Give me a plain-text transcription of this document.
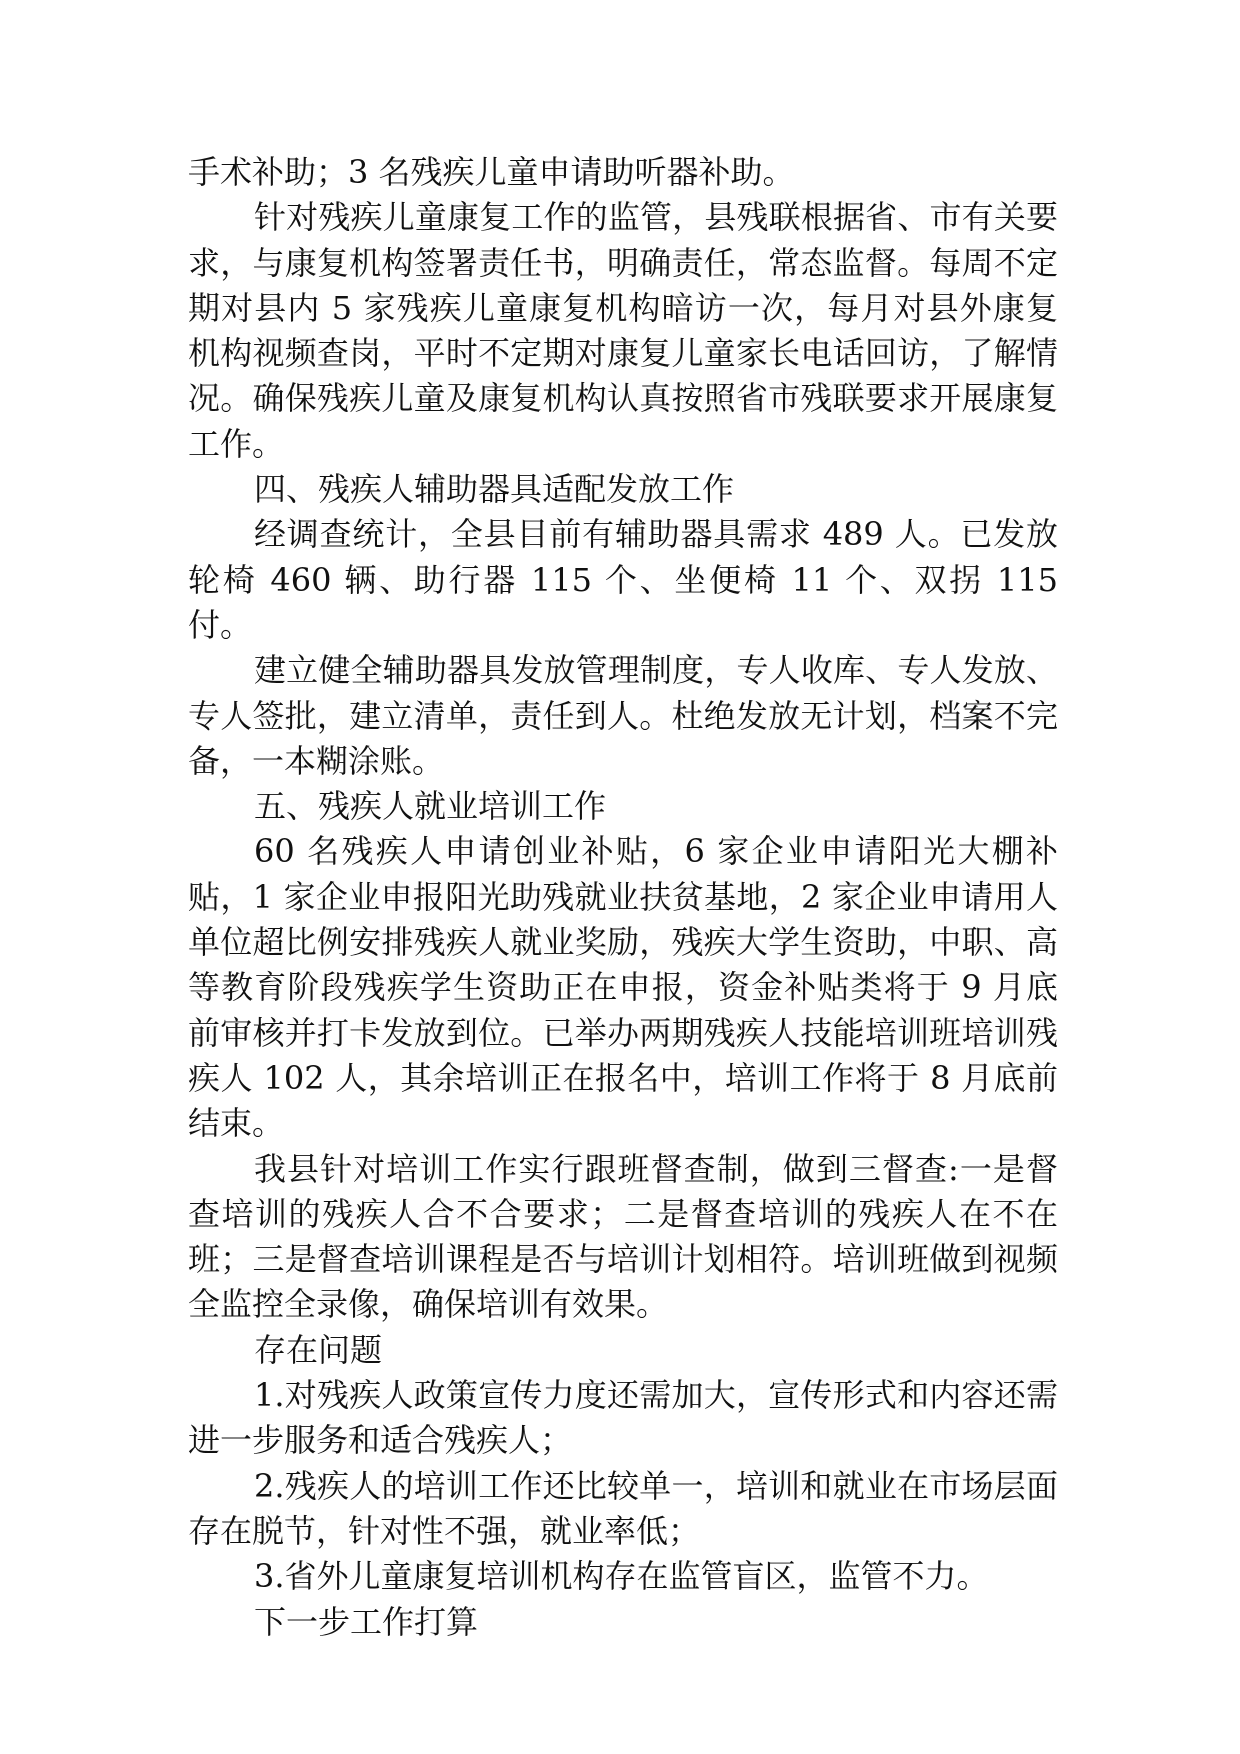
手术补助；3 名残疾儿童申请助听器补助。

针对残疾儿童康复工作的监管，县残联根据省、市有关要求，与康复机构签署责任书，明确责任，常态监督。每周不定期对县内 5 家残疾儿童康复机构暗访一次，每月对县外康复机构视频查岗，平时不定期对康复儿童家长电话回访，了解情况。确保残疾儿童及康复机构认真按照省市残联要求开展康复工作。

四、残疾人辅助器具适配发放工作

经调查统计，全县目前有辅助器具需求 489 人。已发放轮椅 460 辆、助行器 115 个、坐便椅 11 个、双拐 115 付。

建立健全辅助器具发放管理制度，专人收库、专人发放、专人签批，建立清单，责任到人。杜绝发放无计划，档案不完备，一本糊涂账。

五、残疾人就业培训工作

60 名残疾人申请创业补贴，6 家企业申请阳光大棚补贴，1 家企业申报阳光助残就业扶贫基地，2 家企业申请用人单位超比例安排残疾人就业奖励，残疾大学生资助，中职、高等教育阶段残疾学生资助正在申报，资金补贴类将于 9 月底前审核并打卡发放到位。已举办两期残疾人技能培训班培训残疾人 102 人，其余培训正在报名中，培训工作将于 8 月底前结束。

我县针对培训工作实行跟班督查制，做到三督查:一是督查培训的残疾人合不合要求；二是督查培训的残疾人在不在班；三是督查培训课程是否与培训计划相符。培训班做到视频全监控全录像，确保培训有效果。

存在问题

1.对残疾人政策宣传力度还需加大，宣传形式和内容还需进一步服务和适合残疾人；

2.残疾人的培训工作还比较单一，培训和就业在市场层面存在脱节，针对性不强，就业率低；

3.省外儿童康复培训机构存在监管盲区，监管不力。

下一步工作打算
